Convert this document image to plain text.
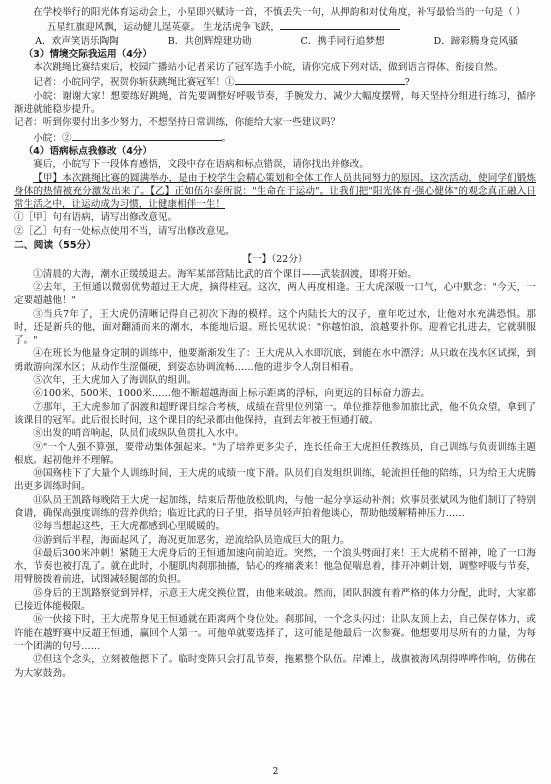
在学校举行的阳光体育运动会上，小星即兴赋诗一首，不慎丢失一句，从押韵和对仗角度，补写最恰当的一句是（ ）

五星红旗迎风飘，运动健儿逞英豪。 生龙活虎争飞跃，

A．欢声笑语乐陶陶	B．共创辉煌建功勋	C．携手同行追梦想	D．蹄彩腾身竞风骚

（3）情境交际我运用（4分）

本次跳绳比赛结束后，校园广播站小记者采访了冠军选手小皖，请你完成下列对话，做到语言得体、衔接自然。

记者：小皖同学，祝贺你斩获跳绳比赛冠军！①	?

小皖：谢谢大家！想要练好跳绳，首先要调整好呼吸节奏，手腕发力、减少大幅度摆臂，每天坚持分组进行练习，循序渐进就能稳步提升。

记者：听到你要付出多少努力，不想坚持日常训练，你能给大家一些建议吗？

小皖：②	。

（4）语病标点我修改（4分）

赛后，小皖写下一段体育感悟，文段中存在语病和标点错误，请你找出并修改。

【甲】本次跳绳比赛的圆满举办，是由于校学生会精心策划和全体工作人员共同努力的原因。这次活动，使同学们锻炼身体的热情被充分激发出来了。【乙】正如伍尔泰所说："生命在于运动"。让我们把"阳光体育·强心健体"的观念真正融入日常生活之中，让运动成为习惯，让健康相伴一生！

①［甲］句有语病，请写出修改意见。

②［乙］句有一处标点使用不当，请写出修改意见。

二、阅读（55分）

【一】（22分）

①清晨的大海，潮水正缓缓退去。海军某部营陆比武的首个课目——武装泅渡，即将开始。

②去年，王恒通以微弱优势超过王大虎，摘得桂冠。这次，两人再度相逢。王大虎深吸一口气，心中默念："今天，一定要超越他！"

③当兵7年了，王大虎仍清晰记得自己初次下海的模样。这个内陆长大的汉子，童年吃过水，让他对水充满恐惧。那时，还是新兵的他，面对翻涌而来的潮水，本能地后退。班长见状说："你越怕浪，浪越要扑你。迎着它扎进去，它就驯服了。"

④在班长为他量身定制的训练中，他要渐渐发生了：王大虎从入水即沉底，到能在水中漂浮；从只敢在浅水区试探，到勇敢游向深水区；从动作生涩僵硬，到姿态协调流畅……他的进步令人刮目相看。

⑤次年，王大虎加入了海训队的组训。

⑥100米、500米、1000米……他不断超越海面上标示距离的浮标，向更远的目标奋力游去。

⑦那年，王大虎参加了泅渡和超野课目综合考核，成绩在营里位列第一。单位推荐他参加旅比武，他不负众望，拿到了该课目的冠军。此后很长时间，这个课目的纪录都由他保持，直到去年被王恒通打破。

⑧出发的哨音响起，队员们成纵队鱼贯扎入水中。

⑨"一个人强不算强，要带动集体强起来。"为了培养更多尖子，连长任命王大虎担任教练员，自己训练与负责训练主题根底。起初他并不理解。

⑩国殇桂下了大量个人训练时间，王大虎的成绩一度下滑。队员们自发组织训练，轮流担任他的陪练，只为给王大虎腾出更多训练时间。

⑪队员王凯路每晚陪王大虎一起加练，结束后帮他放松肌肉，与他一起分享运动补剂；炊事员张斌风为他们制订了特别食谱，确保高强度训练的营养供给；临近比武的日子里，指导员轻声拍着他谈心，帮助他缓解精神压力……

⑫每当想起这些，王大虎都感到心里暖暖的。

⑬游到后半程，海面起风了，海况更加恶劣，逆流给队员造成巨大的阻力。

⑭最后300米冲刺！紧随王大虎身后的王恒通加速向前迫近。突然，一个浪头劈面打来！王大虎稍不留神，呛了一口海水，节奏也被打乱了。就在此时，小腿肌肉刹那抽搐，钻心的疼痛袭来！他急促喘息着，排开冲刺计划，调整呼吸与节奏，用臂膀拨着前进，试图减轻腿部的负担。

⑮身后的王凯路察觉到异样，示意王大虎交换位置，由他来破浪。然而，团队泅渡有着严格的体力分配，此时，大家都已接近体能极限。

⑯一伙接下时，王大虎帮身见王恒通就在距离两个身位处。刹那间，一个念头闪过：让队友顶上去，自己保存体力，或许能在越野赛中反超王恒通，赢回个人第一。可他单就要选择了，这可能是他最后一次参赛。他想要用尽所有的力量，为每一个团满的句号……

⑰但这个念头，立刻被他摁下了。临时变阵只会打乱节奏，拖累整个队伍。岸滩上，战旗被海风刮得哗哗作响，仿佛在为大家鼓劲。

2
